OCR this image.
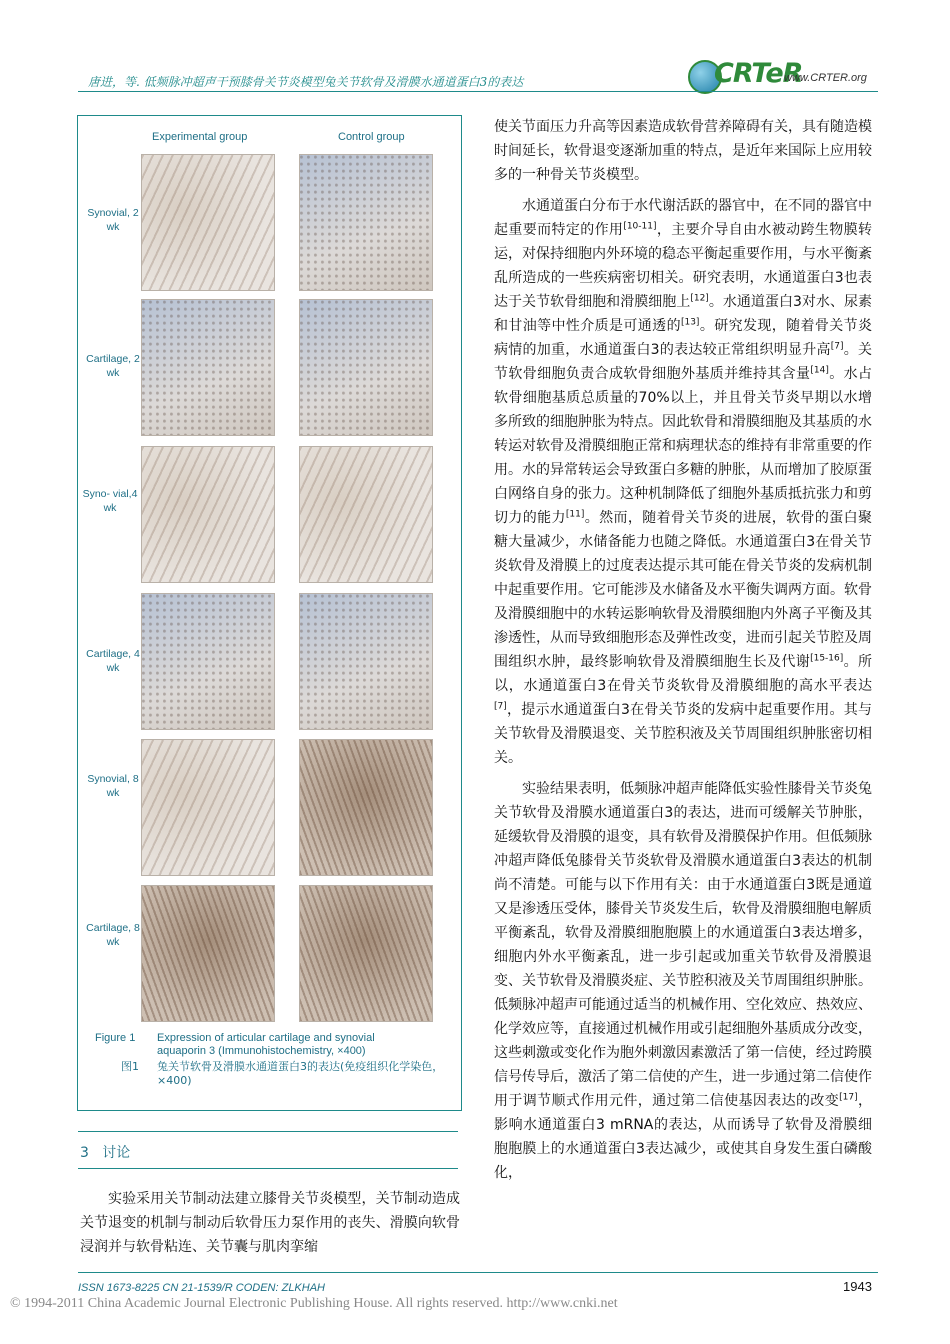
唐进，等. 低频脉冲超声干预膝骨关节炎模型兔关节软骨及滑膜水通道蛋白3的表达	CRTeR
www.CRTER.org
Experimental group	Control group
Synovial, 2 wk
Cartilage, 2 wk
Syno- vial,4 wk
Cartilage, 4 wk
Synovial, 8 wk
Cartilage, 8 wk
Figure 1 Expression of articular cartilage and synovial aquaporin 3 (Immunohistochemistry, ×400)
图1 兔关节软骨及滑膜水通道蛋白3的表达(免疫组织化学染色，×400)
3 讨论

实验采用关节制动法建立膝骨关节炎模型，关节制动造成关节退变的机制与制动后软骨压力泵作用的丧失、滑膜向软骨浸润并与软骨粘连、关节囊与肌肉挛缩

使关节面压力升高等因素造成软骨营养障碍有关，具有随造模时间延长，软骨退变逐渐加重的特点，是近年来国际上应用较多的一种骨关节炎模型。

水通道蛋白分布于水代谢活跃的器官中，在不同的器官中起重要而特定的作用[10-11]，主要介导自由水被动跨生物膜转运，对保持细胞内外环境的稳态平衡起重要作用，与水平衡紊乱所造成的一些疾病密切相关。研究表明，水通道蛋白3也表达于关节软骨细胞和滑膜细胞上[12]。水通道蛋白3对水、尿素和甘油等中性介质是可通透的[13]。研究发现，随着骨关节炎病情的加重，水通道蛋白3的表达较正常组织明显升高[7]。关节软骨细胞负责合成软骨细胞外基质并维持其含量[14]。水占软骨细胞基质总质量的70%以上，并且骨关节炎早期以水增多所致的细胞肿胀为特点。因此软骨和滑膜细胞及其基质的水转运对软骨及滑膜细胞正常和病理状态的维持有非常重要的作用。水的异常转运会导致蛋白多糖的肿胀，从而增加了胶原蛋白网络自身的张力。这种机制降低了细胞外基质抵抗张力和剪切力的能力[11]。然而，随着骨关节炎的进展，软骨的蛋白聚糖大量减少，水储备能力也随之降低。水通道蛋白3在骨关节炎软骨及滑膜上的过度表达提示其可能在骨关节炎的发病机制中起重要作用。它可能涉及水储备及水平衡失调两方面。软骨及滑膜细胞中的水转运影响软骨及滑膜细胞内外离子平衡及其渗透性，从而导致细胞形态及弹性改变，进而引起关节腔及周围组织水肿，最终影响软骨及滑膜细胞生长及代谢[15-16]。所以，水通道蛋白3在骨关节炎软骨及滑膜细胞的高水平表达[7]，提示水通道蛋白3在骨关节炎的发病中起重要作用。其与关节软骨及滑膜退变、关节腔积液及关节周围组织肿胀密切相关。

实验结果表明，低频脉冲超声能降低实验性膝骨关节炎兔关节软骨及滑膜水通道蛋白3的表达，进而可缓解关节肿胀，延缓软骨及滑膜的退变，具有软骨及滑膜保护作用。但低频脉冲超声降低兔膝骨关节炎软骨及滑膜水通道蛋白3表达的机制尚不清楚。可能与以下作用有关：由于水通道蛋白3既是通道又是渗透压受体，膝骨关节炎发生后，软骨及滑膜细胞电解质平衡紊乱，软骨及滑膜细胞胞膜上的水通道蛋白3表达增多，细胞内外水平衡紊乱，进一步引起或加重关节软骨及滑膜退变、关节软骨及滑膜炎症、关节腔积液及关节周围组织肿胀。低频脉冲超声可能通过适当的机械作用、空化效应、热效应、化学效应等，直接通过机械作用或引起细胞外基质成分改变，这些刺激或变化作为胞外刺激因素激活了第一信使，经过跨膜信号传导后，激活了第二信使的产生，进一步通过第二信使作用于调节顺式作用元件，通过第二信使基因表达的改变[17]，影响水通道蛋白3 mRNA的表达，从而诱导了软骨及滑膜细胞胞膜上的水通道蛋白3表达减少，或使其自身发生蛋白磷酸化，

ISSN 1673-8225 CN 21-1539/R CODEN: ZLKHAH	1943
© 1994-2011 China Academic Journal Electronic Publishing House. All rights reserved. http://www.cnki.net
